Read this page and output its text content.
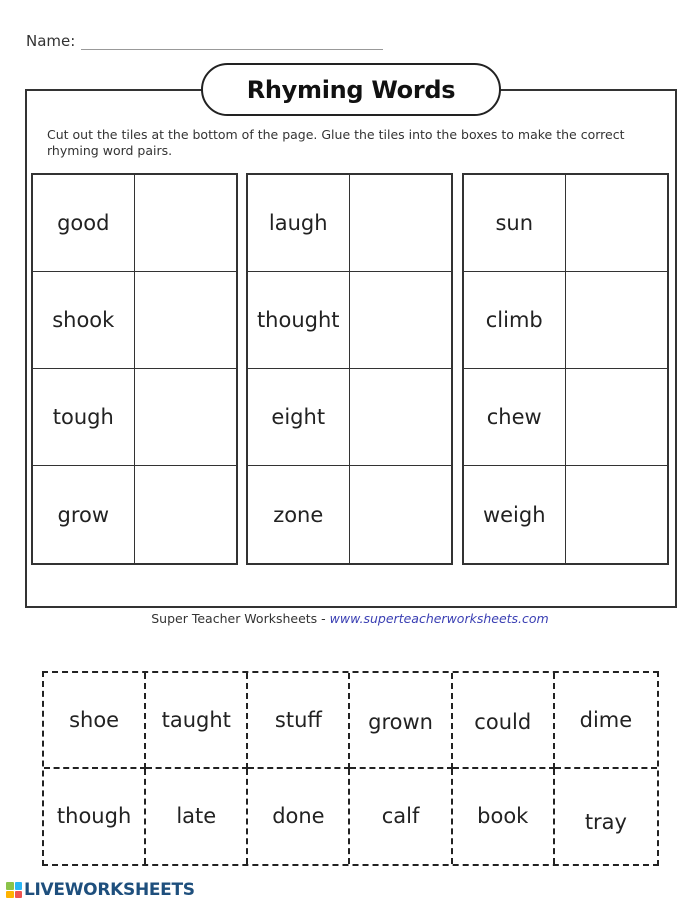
Name:
Rhyming Words
Cut out the tiles at the bottom of the page. Glue the tiles into the boxes to make the correct rhyming word pairs.
good
shook
tough
grow
laugh
thought
eight
zone
sun
climb
chew
weigh
Super Teacher Worksheets - www.superteacherworksheets.com
shoe	taught	stuff	grown	could	dime
though	late	done	calf	book	tray
LIVEWORKSHEETS
